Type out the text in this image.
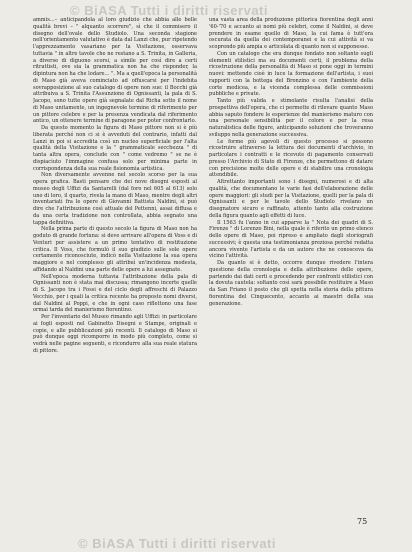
© BiASA Tutti i diritti riservati

ammis...– anticipandola al loro giudizio che abbia alle belle qualità brevi – " alquanto scorrere", sì che il commisero il disegno dell'ovale dello Studiolo. Una seconda stagione nell'orientamento valutativo è data dal Lanzi che, pur ripetendo l'apprezzamento vasariano per la Visitazione, osservava tuttavia " in altre tavole che ne restano a S. Trinita, in Galleria, a diverse di diguono scorsi, a simile per così dire a certi ritrattisti, ove sia la grammatica non ha che risponder, la dipintura non ha che lodare... ". Ma a quell'epoca la personalità di Maso già aveva cominciato ad offuscarsi per l'indebita sovrapposizione al suo catalogo di opere non sue: il Bocchi già attribuiva a S. Trinita l'Assunzione di Ognissanti, la pala di S. Jacopo, sono tutte opere già segnalate dal Richa sotto il nome di Maso unitamente, un ingegnevole termine di riferimento per un pittore celebre e per la presenza vendicata dal riferimento antico, un ottenere termine di paragone per poter confrontarlo.

Da questo momento la figura di Maso pittore non si è più liberata perché non ci si è avveduti del contrario, infatti dal Lanzi in poi si accredita così un nucleo superficiale per l'alta qualità della Visitazione e la " grammaticale secchezza " di tanta altra opera, conclude con " come vedremo " se ne è dispiaciuto l'immagine confusa solo per minima parte in corrispondenza della sua reale fisionomia artistica.

Non diversamente avvenne nel secolo scorso per la sua opera grafica. Basti pensare che dei nove disegni esposti al museo degli Uffizi da Santarelli (dal foro nel 605 al 613) solo uno di loro, il quarto, rivela la mano di Maso, mentre degli altri inventariati fra le opere di Giovanni Battista Naldini, si può dire che l'attribuzione così attuale del Pettenni, assai diffusa e da una certa tradizione non controllata, abbia segnato una tappa definitiva.

Nella prima parte di questo secolo la figura di Maso non ha goduto di grande fortuna: si deve arrivare all'opera di Voss e di Venturi per assistere a un primo tentativo di restituzione critica. Il Voss, che formulò il suo giudizio sulle sole opere certamente riconosciute, indicò nella Visitazione la sua opera maggiore e nel complesso gli attribuì un'incidenza modesta, affidando al Naldini una parte delle opere a lui assegnate.

Nell'epoca moderna tuttavia l'attribuzione della pala di Ognissanti non è stata mai discussa; rimangono incerte quelle di S. Jacopo tra i Fossi e del ciclo degli affreschi di Palazzo Vecchio, per i quali la critica recente ha proposto nomi diversi, dal Naldini al Poppi, e che in ogni caso riflettono una fase ormai tarda del manierismo fiorentino.

Per l'inventario del Museo rimando agli Uffizi: in particolare ai fogli esposti nel Gabinetto Disegni e Stampe, originali e copie, e alle pubblicazioni più recenti. Il catalogo di Maso si può dunque oggi ricomporre in modo più completo, come si vedrà nelle pagine seguenti, e ricondurre alla sua reale statura di pittore.

una vasta area della produzione pittorica fiorentina degli anni '60-'70 e accanto ai nomi più celebri, come il Naldini, si deve prendere in esame quello di Maso, la cui fama è tutt'ora oscurata da quella dei contemporanei e la cui attività si va scoprendo più ampia e articolata di quanto non si supponesse.

Con un catalogo che era dunque fondato non soltanto sugli elementi stilistici ma su documenti certi, il problema della ricostruzione della personalità di Maso si pone oggi in termini nuovi: mettendo cioè in luce la formazione dell'artista, i suoi rapporti con la bottega del Bronzino e con l'ambiente della corte medicea, e la vicenda complessa delle commissioni pubbliche e private.

Tanto più valida e stimolante risulta l'analisi della prospettiva dell'opera, che ci permette di rilevare quanto Maso abbia saputo fondere le esperienze del manierismo maturo con una personale sensibilità per il colore e per la resa naturalistica delle figure, anticipando soluzioni che troveranno sviluppo nella generazione successiva.

Le forme più agevoli di questo processo si possono ricostruire attraverso la lettura dei documenti d'archivio, in particolare i contratti e le ricevute di pagamento conservati presso l'Archivio di Stato di Firenze, che permettono di datare con precisione molte delle opere e di stabilire una cronologia attendibile.

Altrettanto importanti sono i disegni, numerosi e di alta qualità, che documentano le varie fasi dell'elaborazione delle opere maggiori: gli studi per la Visitazione, quelli per la pala di Ognissanti e per le tavole dello Studiolo rivelano un disegnatore sicuro e raffinato, attento tanto alla costruzione della figura quanto agli effetti di luce.

Il 1563 fu l'anno in cui apparve la " Nota dei quadri di S. Firenze " di Lorenzo Bini, nella quale è riferito un primo elenco delle opere di Maso, poi ripreso e ampliato dagli storiografi successivi; è questa una testimonianza preziosa perché redatta ancora vivente l'artista e da un autore che ne conosceva da vicino l'attività.

Da quanto si è detto, occorre dunque rivedere l'intera questione della cronologia e della attribuzione delle opere, partendo dai dati certi e procedendo per confronti stilistici con la dovuta cautela: soltanto così sarà possibile restituire a Maso da San Friano il posto che gli spetta nella storia della pittura fiorentina del Cinquecento, accanto ai maestri della sua generazione.

75
© BiASA Tutti i diritti riservati
